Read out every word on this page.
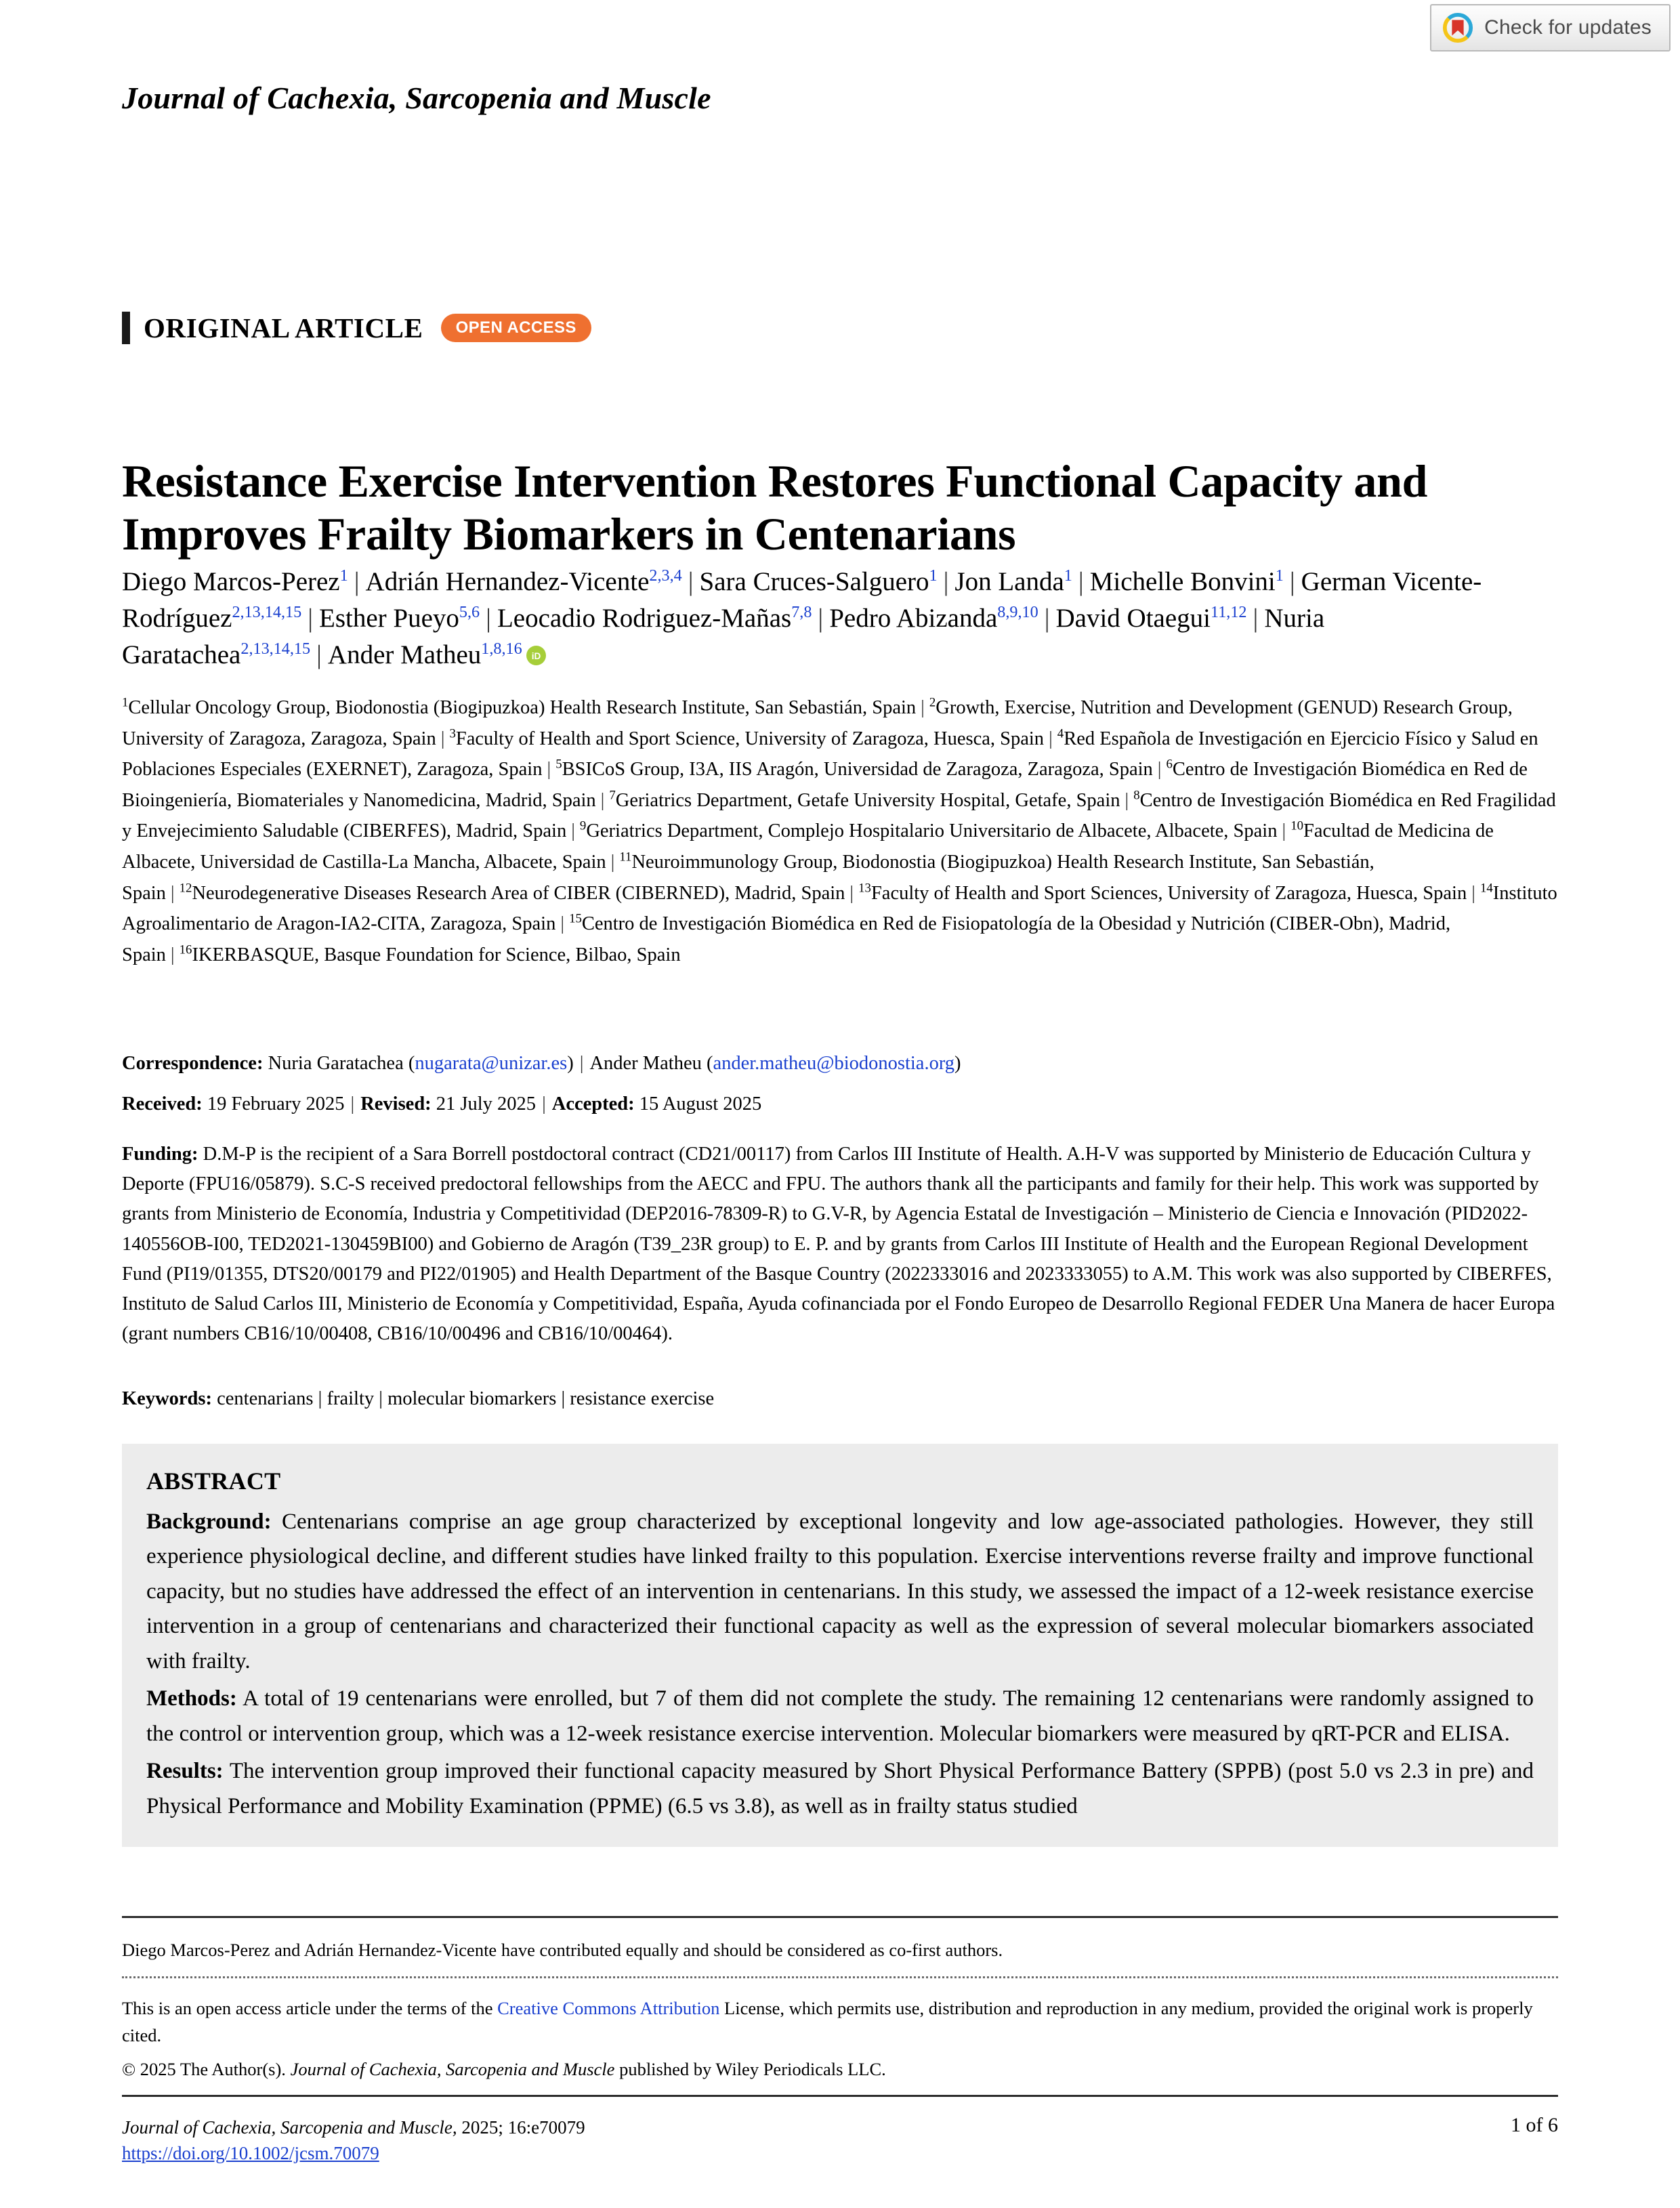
Check for updates
Journal of Cachexia, Sarcopenia and Muscle
ORIGINAL ARTICLE	OPEN ACCESS
Resistance Exercise Intervention Restores Functional Capacity and Improves Frailty Biomarkers in Centenarians
Diego Marcos-Perez$^1$ | Adrián Hernandez-Vicente$^{2,3,4}$ | Sara Cruces-Salguero$^1$ | Jon Landa$^1$ | Michelle Bonvini$^1$ | German Vicente-Rodríguez$^{2,13,14,15}$ | Esther Pueyo$^{5,6}$ | Leocadio Rodriguez-Mañas$^{7,8}$ | Pedro Abizanda$^{8,9,10}$ | David Otaegui$^{11,12}$ | Nuria Garatachea$^{2,13,14,15}$ | Ander Matheu$^{1,8,16}$ iD
$^1$Cellular Oncology Group, Biodonostia (Biogipuzkoa) Health Research Institute, San Sebastián, Spain | $^2$Growth, Exercise, Nutrition and Development (GENUD) Research Group, University of Zaragoza, Zaragoza, Spain | $^3$Faculty of Health and Sport Science, University of Zaragoza, Huesca, Spain | $^4$Red Española de Investigación en Ejercicio Físico y Salud en Poblaciones Especiales (EXERNET), Zaragoza, Spain | $^5$BSICoS Group, I3A, IIS Aragón, Universidad de Zaragoza, Zaragoza, Spain | $^6$Centro de Investigación Biomédica en Red de Bioingeniería, Biomateriales y Nanomedicina, Madrid, Spain | $^7$Geriatrics Department, Getafe University Hospital, Getafe, Spain | $^8$Centro de Investigación Biomédica en Red Fragilidad y Envejecimiento Saludable (CIBERFES), Madrid, Spain | $^9$Geriatrics Department, Complejo Hospitalario Universitario de Albacete, Albacete, Spain | $^{10}$Facultad de Medicina de Albacete, Universidad de Castilla-La Mancha, Albacete, Spain | $^{11}$Neuroimmunology Group, Biodonostia (Biogipuzkoa) Health Research Institute, San Sebastián, Spain | $^{12}$Neurodegenerative Diseases Research Area of CIBER (CIBERNED), Madrid, Spain | $^{13}$Faculty of Health and Sport Sciences, University of Zaragoza, Huesca, Spain | $^{14}$Instituto Agroalimentario de Aragon-IA2-CITA, Zaragoza, Spain | $^{15}$Centro de Investigación Biomédica en Red de Fisiopatología de la Obesidad y Nutrición (CIBER-Obn), Madrid, Spain | $^{16}$IKERBASQUE, Basque Foundation for Science, Bilbao, Spain
Correspondence: Nuria Garatachea (nugarata@unizar.es) | Ander Matheu (ander.matheu@biodonostia.org)
Received: 19 February 2025 | Revised: 21 July 2025 | Accepted: 15 August 2025
Funding: D.M-P is the recipient of a Sara Borrell postdoctoral contract (CD21/00117) from Carlos III Institute of Health. A.H-V was supported by Ministerio de Educación Cultura y Deporte (FPU16/05879). S.C-S received predoctoral fellowships from the AECC and FPU. The authors thank all the participants and family for their help. This work was supported by grants from Ministerio de Economía, Industria y Competitividad (DEP2016-78309-R) to G.V-R, by Agencia Estatal de Investigación – Ministerio de Ciencia e Innovación (PID2022-140556OB-I00, TED2021-130459BI00) and Gobierno de Aragón (T39_23R group) to E. P. and by grants from Carlos III Institute of Health and the European Regional Development Fund (PI19/01355, DTS20/00179 and PI22/01905) and Health Department of the Basque Country (2022333016 and 2023333055) to A.M. This work was also supported by CIBERFES, Instituto de Salud Carlos III, Ministerio de Economía y Competitividad, España, Ayuda cofinanciada por el Fondo Europeo de Desarrollo Regional FEDER Una Manera de hacer Europa (grant numbers CB16/10/00408, CB16/10/00496 and CB16/10/00464).
Keywords: centenarians | frailty | molecular biomarkers | resistance exercise
ABSTRACT

Background: Centenarians comprise an age group characterized by exceptional longevity and low age-associated pathologies. However, they still experience physiological decline, and different studies have linked frailty to this population. Exercise interventions reverse frailty and improve functional capacity, but no studies have addressed the effect of an intervention in centenarians. In this study, we assessed the impact of a 12-week resistance exercise intervention in a group of centenarians and characterized their functional capacity as well as the expression of several molecular biomarkers associated with frailty.

Methods: A total of 19 centenarians were enrolled, but 7 of them did not complete the study. The remaining 12 centenarians were randomly assigned to the control or intervention group, which was a 12-week resistance exercise intervention. Molecular biomarkers were measured by qRT-PCR and ELISA.

Results: The intervention group improved their functional capacity measured by Short Physical Performance Battery (SPPB) (post 5.0 vs 2.3 in pre) and Physical Performance and Mobility Examination (PPME) (6.5 vs 3.8), as well as in frailty status studied

Diego Marcos-Perez and Adrián Hernandez-Vicente have contributed equally and should be considered as co-first authors.
This is an open access article under the terms of the Creative Commons Attribution License, which permits use, distribution and reproduction in any medium, provided the original work is properly cited.
© 2025 The Author(s). Journal of Cachexia, Sarcopenia and Muscle published by Wiley Periodicals LLC.
Journal of Cachexia, Sarcopenia and Muscle, 2025; 16:e70079
https://doi.org/10.1002/jcsm.70079
1 of 6
